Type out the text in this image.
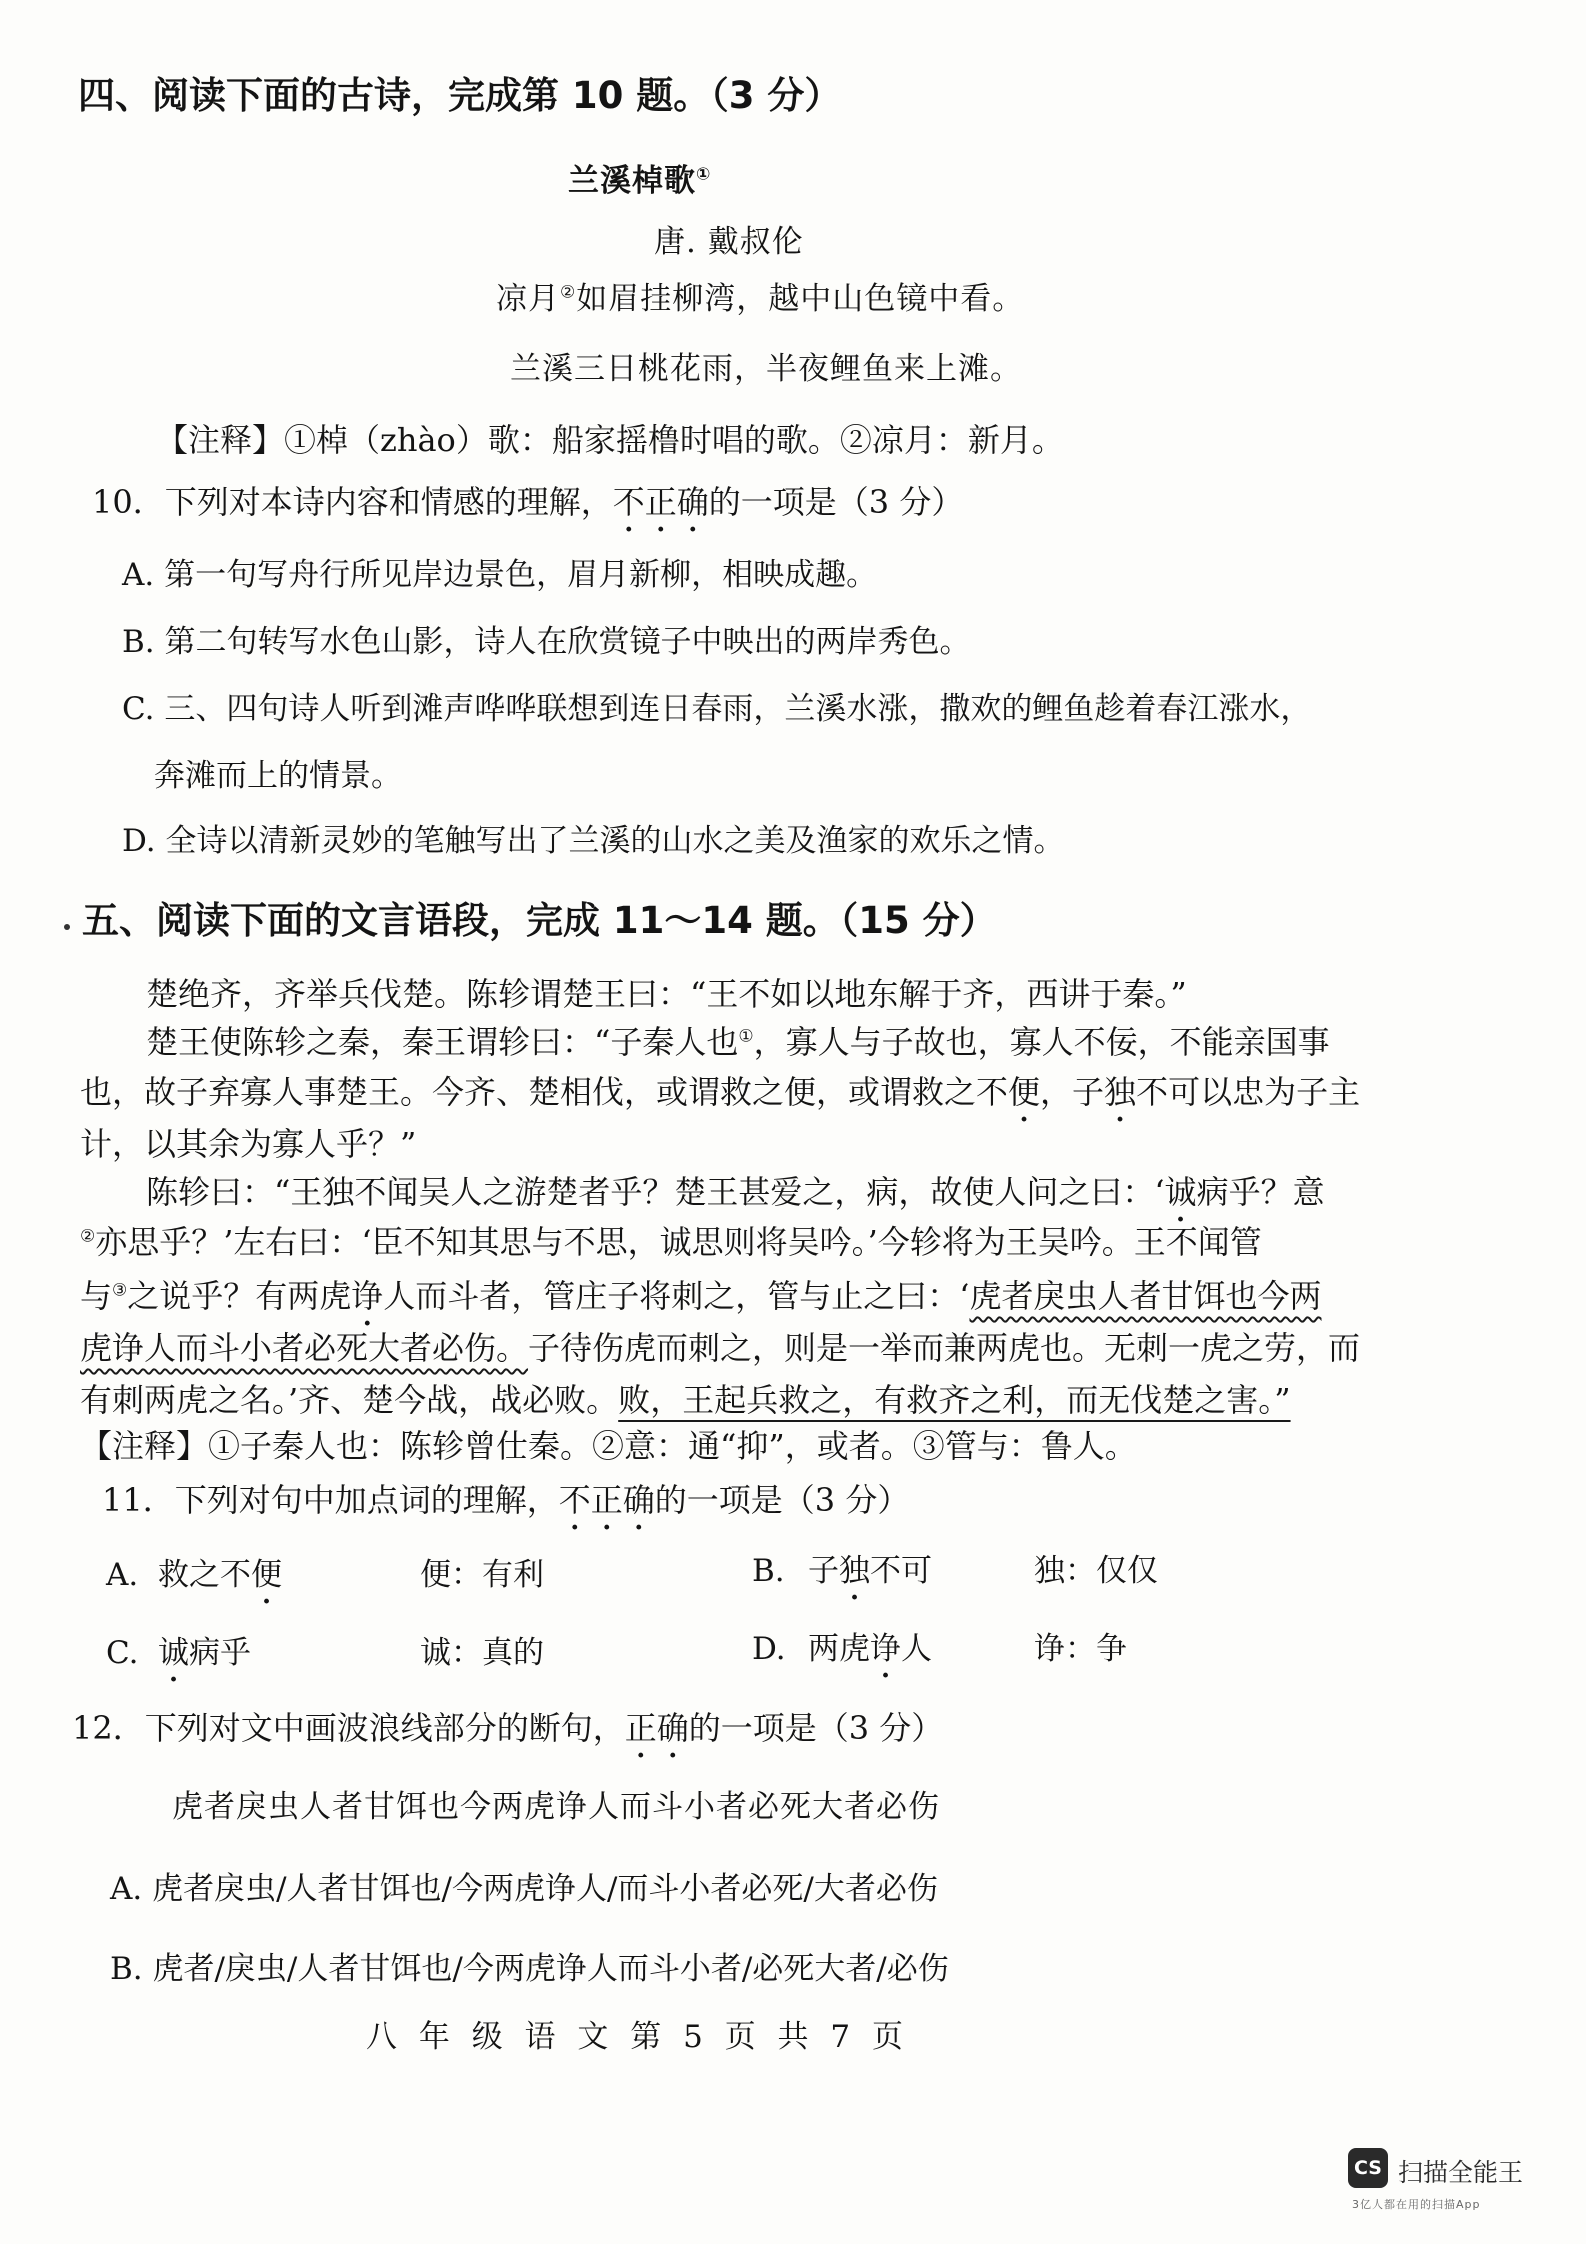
四、阅读下面的古诗，完成第 10 题。（3 分）
兰溪棹歌①
唐. 戴叔伦
凉月②如眉挂柳湾，越中山色镜中看。
兰溪三日桃花雨，半夜鲤鱼来上滩。
【注释】①棹（zhào）歌：船家摇橹时唱的歌。②凉月：新月。
10．下列对本诗内容和情感的理解，不正确的一项是（3 分）
A. 第一句写舟行所见岸边景色，眉月新柳，相映成趣。
B. 第二句转写水色山影，诗人在欣赏镜子中映出的两岸秀色。
C. 三、四句诗人听到滩声哗哗联想到连日春雨，兰溪水涨，撒欢的鲤鱼趁着春江涨水，
奔滩而上的情景。
D. 全诗以清新灵妙的笔触写出了兰溪的山水之美及渔家的欢乐之情。
五、阅读下面的文言语段，完成 11～14 题。（15 分）
楚绝齐，齐举兵伐楚。陈轸谓楚王曰：“王不如以地东解于齐，西讲于秦。”
楚王使陈轸之秦，秦王谓轸曰：“子秦人也①，寡人与子故也，寡人不佞，不能亲国事
也，故子弃寡人事楚王。今齐、楚相伐，或谓救之便，或谓救之不便，子独不可以忠为子主
计，以其余为寡人乎？”
陈轸曰：“王独不闻吴人之游楚者乎？楚王甚爱之，病，故使人问之曰：‘诚病乎？意
②亦思乎？’左右曰：‘臣不知其思与不思，诚思则将吴吟。’今轸将为王吴吟。王不闻管
与③之说乎？有两虎诤人而斗者，管庄子将刺之，管与止之曰：‘虎者戾虫人者甘饵也今两
虎诤人而斗小者必死大者必伤。子待伤虎而刺之，则是一举而兼两虎也。无刺一虎之劳，而
有刺两虎之名。’齐、楚今战，战必败。败，王起兵救之，有救齐之利，而无伐楚之害。”
【注释】①子秦人也：陈轸曾仕秦。②意：通“抑”，或者。③管与：鲁人。
11．下列对句中加点词的理解，不正确的一项是（3 分）
A. 救之不便	便：有利	B. 子独不可	独：仅仅
C. 诚病乎	诚：真的	D. 两虎诤人	诤：争
12．下列对文中画波浪线部分的断句，正确的一项是（3 分）
虎者戾虫人者甘饵也今两虎诤人而斗小者必死大者必伤
A. 虎者戾虫/人者甘饵也/今两虎诤人/而斗小者必死/大者必伤
B. 虎者/戾虫/人者甘饵也/今两虎诤人而斗小者/必死大者/必伤
八 年 级 语 文 第 5 页 共 7 页
CS 扫描全能王
3亿人都在用的扫描App
